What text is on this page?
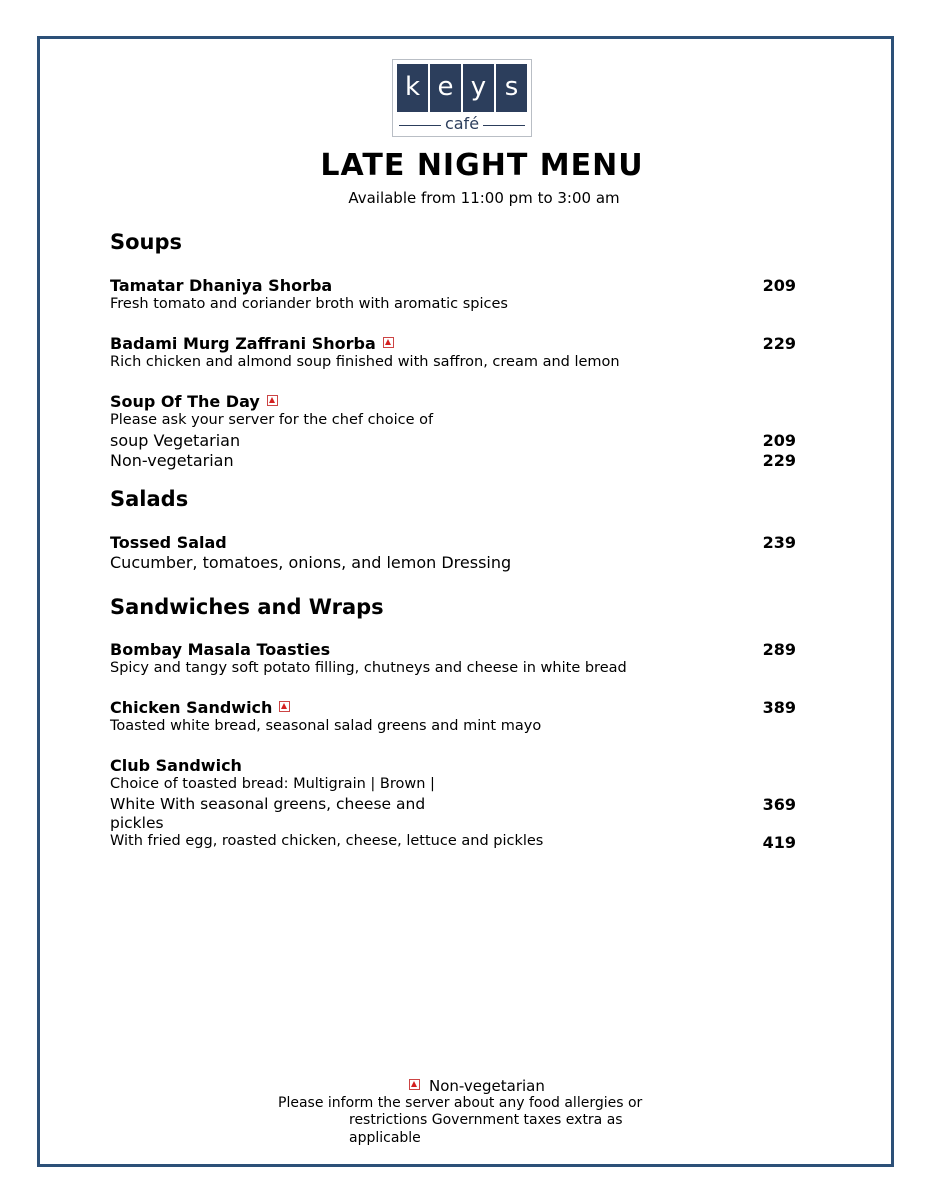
k e y s
café
LATE NIGHT MENU
Available from 11:00 pm to 3:00 am
Soups
Tamatar Dhaniya Shorba	209
Fresh tomato and coriander broth with aromatic spices
Badami Murg Zaffrani Shorba	229
Rich chicken and almond soup finished with saffron, cream and lemon
Soup Of The Day
Please ask your server for the chef choice of
soup Vegetarian	209
Non-vegetarian	229
Salads
Tossed Salad	239
Cucumber, tomatoes, onions, and lemon Dressing
Sandwiches and Wraps
Bombay Masala Toasties	289
Spicy and tangy soft potato filling, chutneys and cheese in white bread
Chicken Sandwich	389
Toasted white bread, seasonal salad greens and mint mayo
Club Sandwich
Choice of toasted bread: Multigrain | Brown |
White With seasonal greens, cheese and	369
pickles
With fried egg, roasted chicken, cheese, lettuce and pickles	419
Non-vegetarian
Please inform the server about any food allergies or
restrictions Government taxes extra as
applicable
